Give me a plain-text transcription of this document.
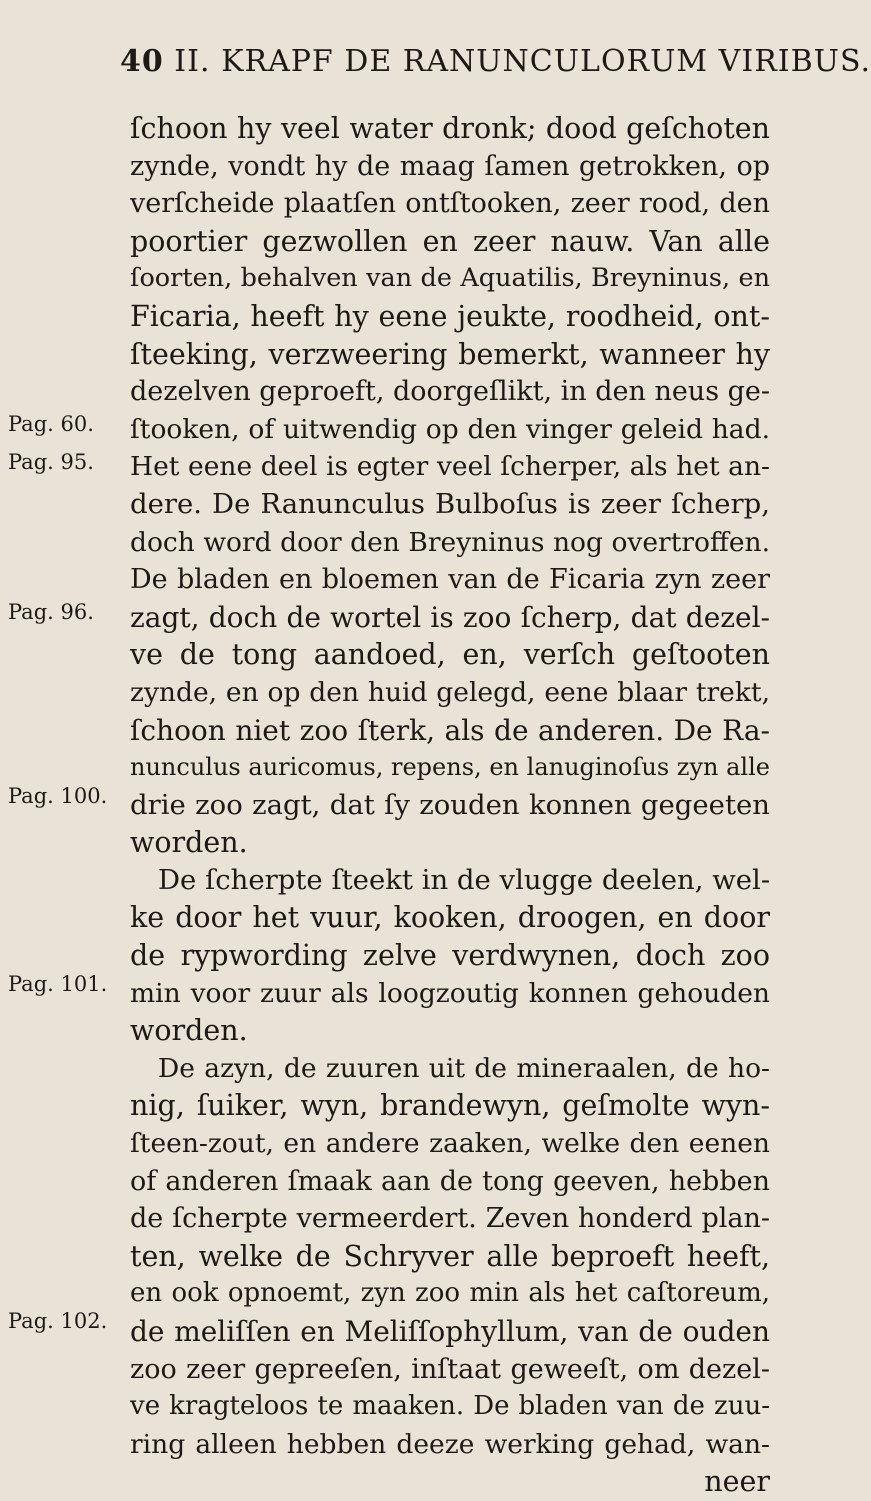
40 II. KRAPF DE RANUNCULORUM VIRIBUS.
Pag. 60.
Pag. 95.
Pag. 96.
Pag. 100.
Pag. 101.
Pag. 102.
ſchoon hy veel water dronk; dood geſchoten
zynde, vondt hy de maag ſamen getrokken, op
verſcheide plaatſen ontſtooken, zeer rood, den
poortier gezwollen en zeer nauw. Van alle
ſoorten, behalven van de Aquatilis, Breyninus, en
Ficaria, heeft hy eene jeukte, roodheid, ont-
ſteeking, verzweering bemerkt, wanneer hy
dezelven geproeft, doorgeſlikt, in den neus ge-
ſtooken, of uitwendig op den vinger geleid had.
Het eene deel is egter veel ſcherper, als het an-
dere. De Ranunculus Bulboſus is zeer ſcherp,
doch word door den Breyninus nog overtroffen.
De bladen en bloemen van de Ficaria zyn zeer
zagt, doch de wortel is zoo ſcherp, dat dezel-
ve de tong aandoed, en, verſch geſtooten
zynde, en op den huid gelegd, eene blaar trekt,
ſchoon niet zoo ſterk, als de anderen. De Ra-
nunculus auricomus, repens, en lanuginoſus zyn alle
drie zoo zagt, dat ſy zouden konnen gegeeten
worden.
De ſcherpte ſteekt in de vlugge deelen, wel-
ke door het vuur, kooken, droogen, en door
de rypwording zelve verdwynen, doch zoo
min voor zuur als loogzoutig konnen gehouden
worden.
De azyn, de zuuren uit de mineraalen, de ho-
nig, ſuiker, wyn, brandewyn, geſmolte wyn-
ſteen-zout, en andere zaaken, welke den eenen
of anderen ſmaak aan de tong geeven, hebben
de ſcherpte vermeerdert. Zeven honderd plan-
ten, welke de Schryver alle beproeft heeft,
en ook opnoemt, zyn zoo min als het caſtoreum,
de meliſſen en Meliſſophyllum, van de ouden
zoo zeer gepreeſen, inſtaat geweeſt, om dezel-
ve kragteloos te maaken. De bladen van de zuu-
ring alleen hebben deeze werking gehad, wan-
neer
